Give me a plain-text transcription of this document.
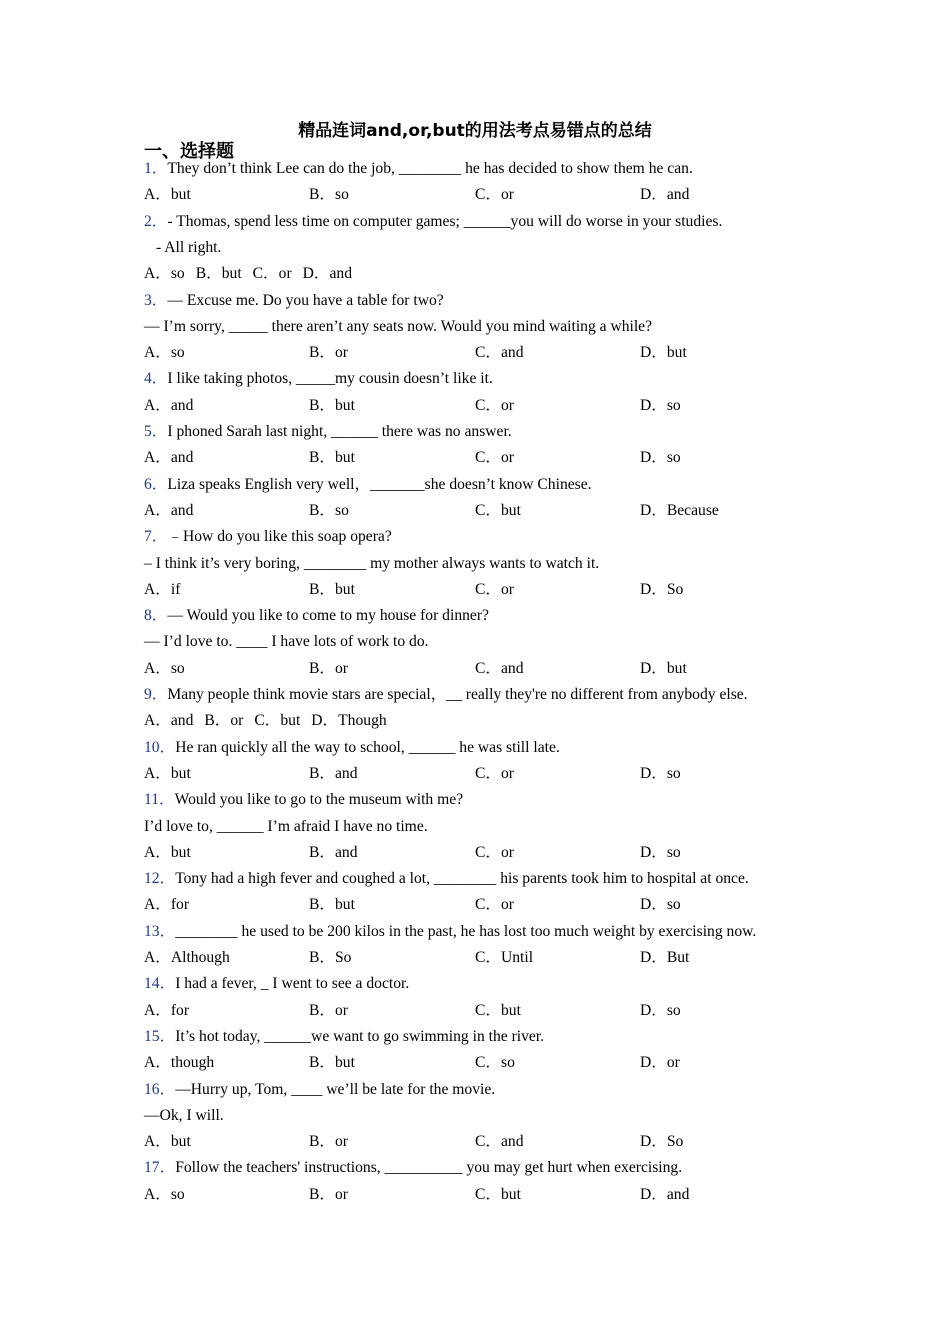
精品连词and,or,but的用法考点易错点的总结
一、选择题
1．They don’t think Lee can do the job, ________ he has decided to show them he can.
A．but	B．so	C．or	D．and
2．- Thomas, spend less time on computer games; ______you will do worse in your studies.
- All right.
A．so B．but C．or D．and
3．— Excuse me. Do you have a table for two?
— I’m sorry, _____ there aren’t any seats now. Would you mind waiting a while?
A．so	B．or	C．and	D．but
4．I like taking photos, _____my cousin doesn’t like it.
A．and	B．but	C．or	D．so
5．I phoned Sarah last night, ______ there was no answer.
A．and	B．but	C．or	D．so
6．Liza speaks English very well，_______she doesn’t know Chinese.
A．and	B．so	C．but	D．Because
7．﹣How do you like this soap opera?
– I think it’s very boring, ________ my mother always wants to watch it.
A．if	B．but	C．or	D．So
8．— Would you like to come to my house for dinner?
— I’d love to. ____ I have lots of work to do.
A．so	B．or	C．and	D．but
9．Many people think movie stars are special，__ really they're no different from anybody else.
A．and B．or C．but D．Though
10．He ran quickly all the way to school, ______ he was still late.
A．but	B．and	C．or	D．so
11．Would you like to go to the museum with me?
I’d love to, ______ I’m afraid I have no time.
A．but	B．and	C．or	D．so
12．Tony had a high fever and coughed a lot, ________ his parents took him to hospital at once.
A．for	B．but	C．or	D．so
13．________ he used to be 200 kilos in the past, he has lost too much weight by exercising now.
A．Although	B．So	C．Until	D．But
14．I had a fever, _ I went to see a doctor.
A．for	B．or	C．but	D．so
15．It’s hot today, ______we want to go swimming in the river.
A．though	B．but	C．so	D．or
16．—Hurry up, Tom, ____ we’ll be late for the movie.
—Ok, I will.
A．but	B．or	C．and	D．So
17．Follow the teachers' instructions, __________ you may get hurt when exercising.
A．so	B．or	C．but	D．and
